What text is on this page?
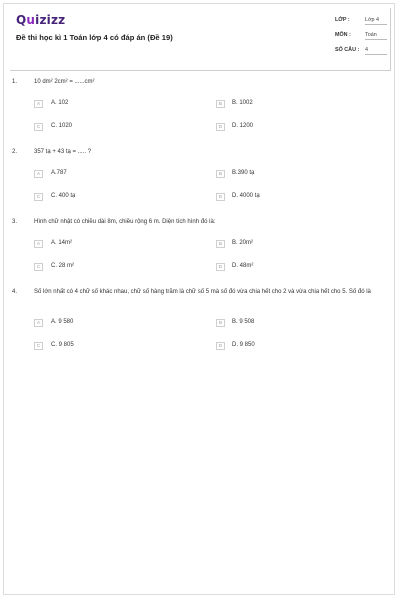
Quizizz
Đề thi học kì 1 Toán lớp 4 có đáp án (Đề 19)
LỚP :	Lớp 4
MÔN :	Toán
SỐ CÂU : 4
1.	10 dm² 2cm² = ......cm²
A	A. 102	B	B. 1002
C	C. 1020	D	D. 1200
2.	357 tạ + 43 tạ = ..... ?
A	A.787	B	B.390 tạ
C	C. 400 tạ	D	D. 4000 tạ
3.	Hình chữ nhật có chiều dài 8m, chiều rộng 6 m. Diện tích hình đó là:
A	A. 14m²	B	B. 20m²
C	C. 28 m²	D	D. 48m²
4.	Số lớn nhất có 4 chữ số khác nhau, chữ số hàng trăm là chữ số 5 mà số đó vừa chia hết cho 2 và vừa chia hết cho 5. Số đó là
A	A. 9 580	B	B. 9 508
C	C. 9 805	D	D. 9 850
